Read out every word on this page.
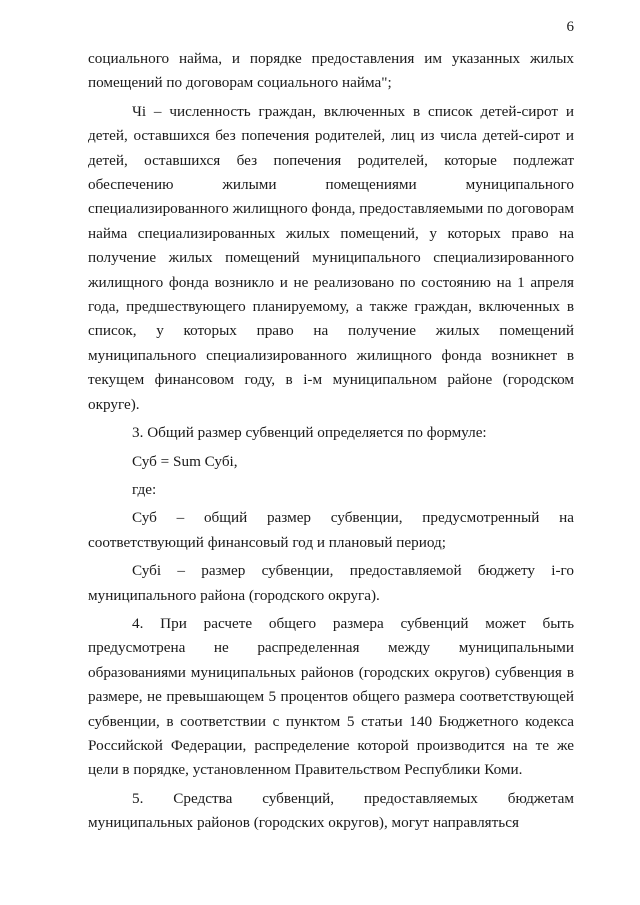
6

социального найма, и порядке предоставления им указанных жилых помещений по договорам социального найма";

Чi – численность граждан, включенных в список детей-сирот и детей, оставшихся без попечения родителей, лиц из числа детей-сирот и детей, оставшихся без попечения родителей, которые подлежат обеспечению жилыми помещениями муниципального специализированного жилищного фонда, предоставляемыми по договорам найма специализированных жилых помещений, у которых право на получение жилых помещений муниципального специализированного жилищного фонда возникло и не реализовано по состоянию на 1 апреля года, предшествующего планируемому, а также граждан, включенных в список, у которых право на получение жилых помещений муниципального специализированного жилищного фонда возникнет в текущем финансовом году, в i-м муниципальном районе (городском округе).

3. Общий размер субвенций определяется по формуле:

Суб = Sum Субi,

где:

Суб – общий размер субвенции, предусмотренный на соответствующий финансовый год и плановый период;

Субi – размер субвенции, предоставляемой бюджету i-го муниципального района (городского округа).

4. При расчете общего размера субвенций может быть предусмотрена не распределенная между муниципальными образованиями муниципальных районов (городских округов) субвенция в размере, не превышающем 5 процентов общего размера соответствующей субвенции, в соответствии с пунктом 5 статьи 140 Бюджетного кодекса Российской Федерации, распределение которой производится на те же цели в порядке, установленном Правительством Республики Коми.

5. Средства субвенций, предоставляемых бюджетам муниципальных районов (городских округов), могут направляться
